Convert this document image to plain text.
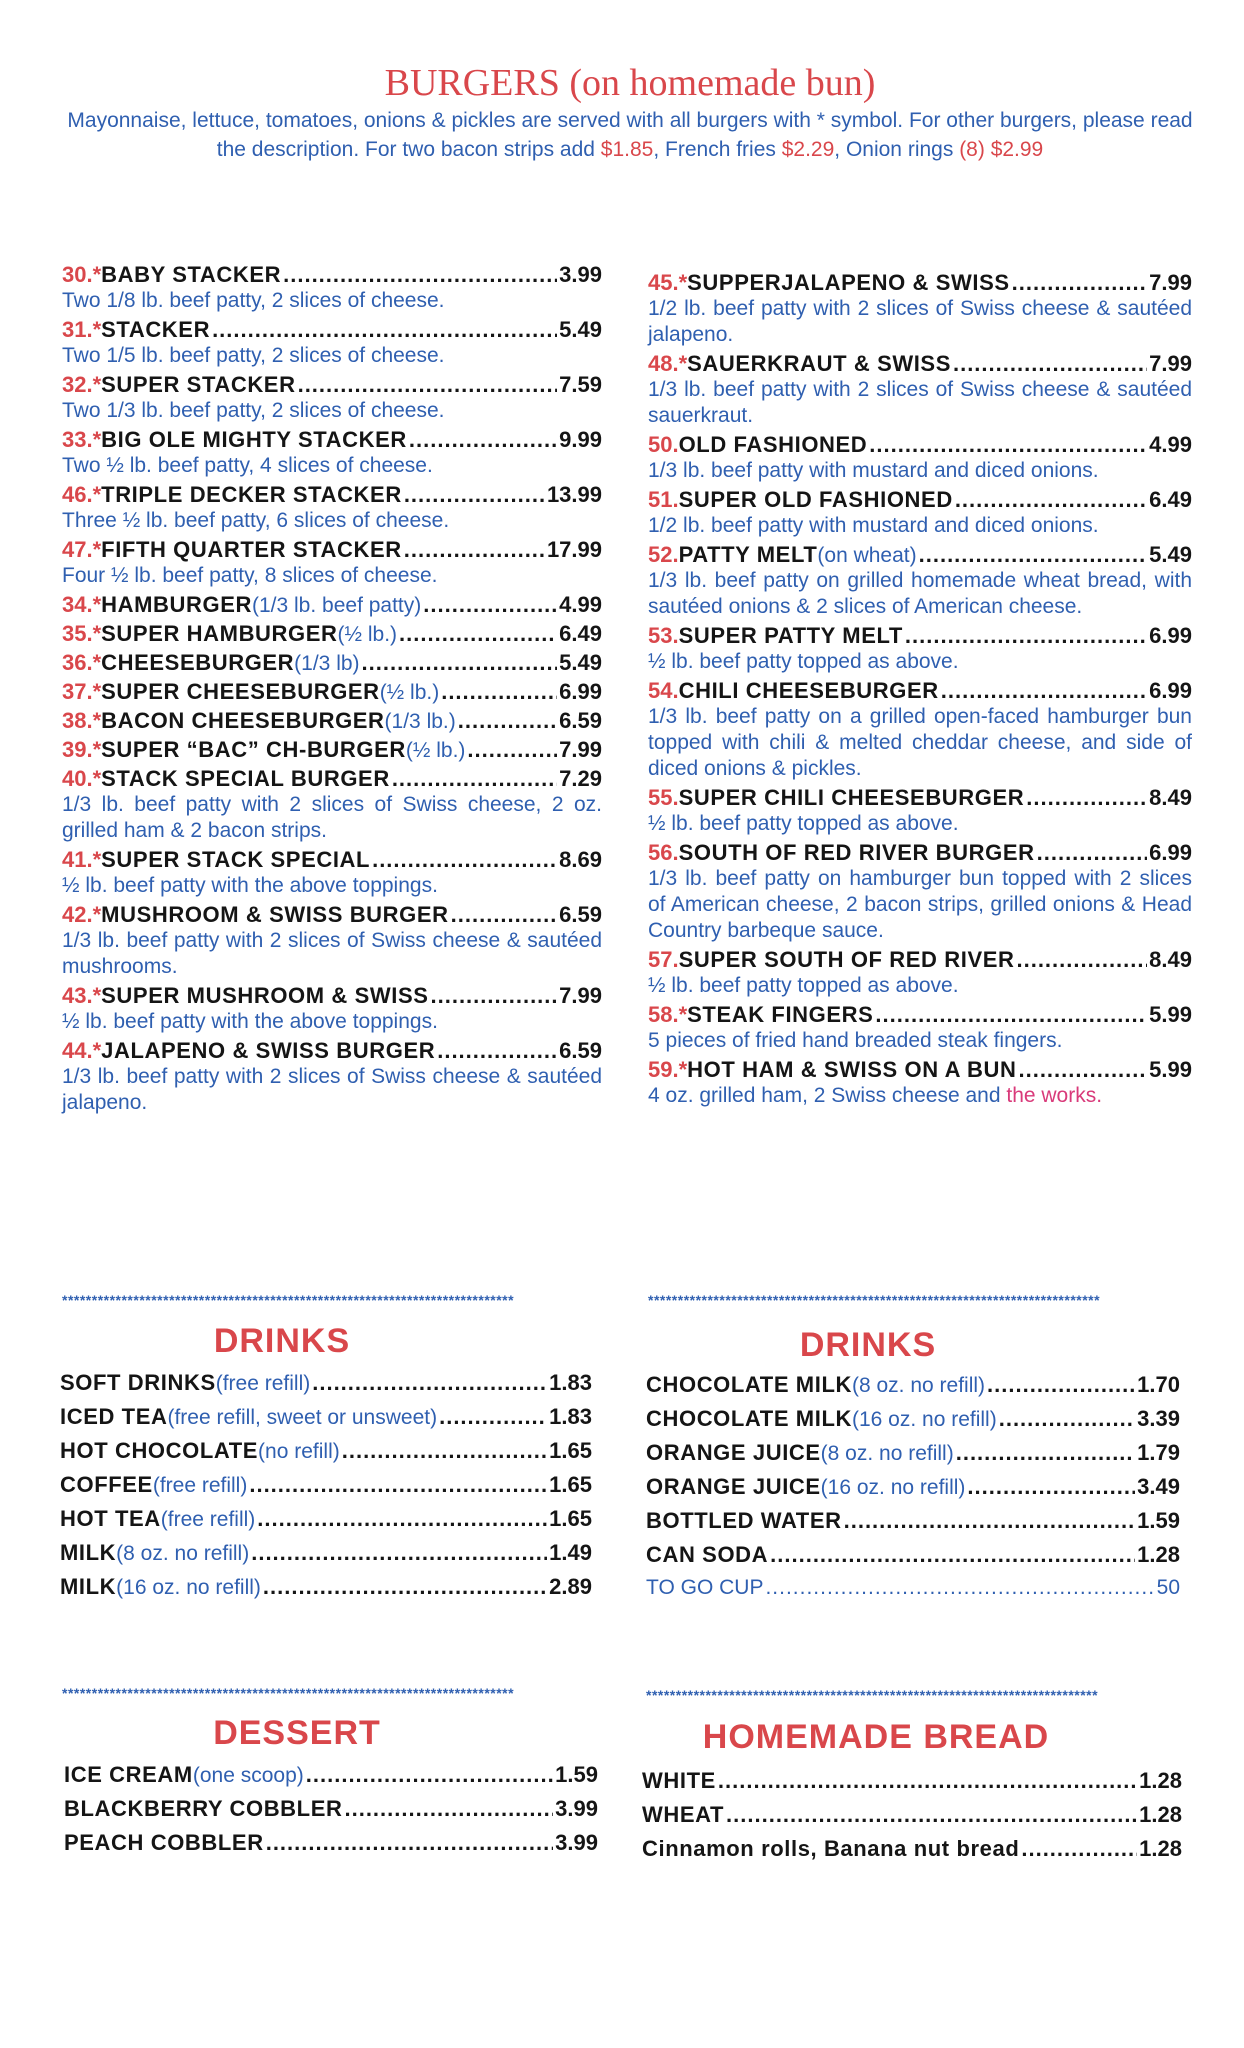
BURGERS (on homemade bun)
Mayonnaise, lettuce, tomatoes, onions & pickles are served with all burgers with * symbol. For other burgers, please read the description. For two bacon strips add $1.85, French fries $2.29, Onion rings (8) $2.99
30.* BABY STACKER .....	3.99
Two 1/8 lb. beef patty, 2 slices of cheese.
31.* STACKER .....	5.49
Two 1/5 lb. beef patty, 2 slices of cheese.
32.* SUPER STACKER .....	7.59
Two 1/3 lb. beef patty, 2 slices of cheese.
33.* BIG OLE MIGHTY STACKER .....	9.99
Two ½ lb. beef patty, 4 slices of cheese.
46.* TRIPLE DECKER STACKER .....	13.99
Three ½ lb. beef patty, 6 slices of cheese.
47.* FIFTH QUARTER STACKER .....	17.99
Four ½ lb. beef patty, 8 slices of cheese.
34.* HAMBURGER (1/3 lb. beef patty) .....	4.99
35.* SUPER HAMBURGER (½ lb.) .....	6.49
36.* CHEESEBURGER (1/3 lb) .....	5.49
37.* SUPER CHEESEBURGER (½ lb.) .....	6.99
38.* BACON CHEESEBURGER (1/3 lb.) .....	6.59
39.* SUPER “BAC” CH-BURGER (½ lb.) .....	7.99
40.* STACK SPECIAL BURGER .....	7.29
1/3 lb. beef patty with 2 slices of Swiss cheese, 2 oz. grilled ham & 2 bacon strips.
41.* SUPER STACK SPECIAL .....	8.69
½ lb. beef patty with the above toppings.
42.* MUSHROOM & SWISS BURGER .....	6.59
1/3 lb. beef patty with 2 slices of Swiss cheese & sautéed mushrooms.
43.* SUPER MUSHROOM & SWISS .....	7.99
½ lb. beef patty with the above toppings.
44.* JALAPENO & SWISS BURGER .....	6.59
1/3 lb. beef patty with 2 slices of Swiss cheese & sautéed jalapeno.
45.* SUPPERJALAPENO & SWISS .....	7.99
1/2 lb. beef patty with 2 slices of Swiss cheese & sautéed jalapeno.
48.* SAUERKRAUT & SWISS .....	7.99
1/3 lb. beef patty with 2 slices of Swiss cheese & sautéed sauerkraut.
50. OLD FASHIONED .....	4.99
1/3 lb. beef patty with mustard and diced onions.
51. SUPER OLD FASHIONED .....	6.49
1/2 lb. beef patty with mustard and diced onions.
52. PATTY MELT (on wheat) .....	5.49
1/3 lb. beef patty on grilled homemade wheat bread, with sautéed onions & 2 slices of American cheese.
53. SUPER PATTY MELT .....	6.99
½ lb. beef patty topped as above.
54. CHILI CHEESEBURGER .....	6.99
1/3 lb. beef patty on a grilled open-faced hamburger bun topped with chili & melted cheddar cheese, and side of diced onions & pickles.
55. SUPER CHILI CHEESEBURGER .....	8.49
½ lb. beef patty topped as above.
56. SOUTH OF RED RIVER BURGER .....	6.99
1/3 lb. beef patty on hamburger bun topped with 2 slices of American cheese, 2 bacon strips, grilled onions & Head Country barbeque sauce.
57. SUPER SOUTH OF RED RIVER .....	8.49
½ lb. beef patty topped as above.
58.* STEAK FINGERS .....	5.99
5 pieces of fried hand breaded steak fingers.
59.* HOT HAM & SWISS ON A BUN .....	5.99
4 oz. grilled ham, 2 Swiss cheese and the works.
****************************************************************************
DRINKS
SOFT DRINKS (free refill) .....	1.83
ICED TEA (free refill, sweet or unsweet) .....	1.83
HOT CHOCOLATE (no refill) .....	1.65
COFFEE (free refill) .....	1.65
HOT TEA (free refill) .....	1.65
MILK (8 oz. no refill) .....	1.49
MILK (16 oz. no refill) .....	2.89
****************************************************************************
DRINKS
CHOCOLATE MILK (8 oz. no refill) .....	1.70
CHOCOLATE MILK (16 oz. no refill) .....	3.39
ORANGE JUICE (8 oz. no refill) .....	1.79
ORANGE JUICE (16 oz. no refill) .....	3.49
BOTTLED WATER .....	1.59
CAN SODA .....	1.28
TO GO CUP .....	50
****************************************************************************
DESSERT
ICE CREAM (one scoop) .....	1.59
BLACKBERRY COBBLER .....	3.99
PEACH COBBLER .....	3.99
****************************************************************************
HOMEMADE BREAD
WHITE .....	1.28
WHEAT .....	1.28
Cinnamon rolls, Banana nut bread .....	1.28
